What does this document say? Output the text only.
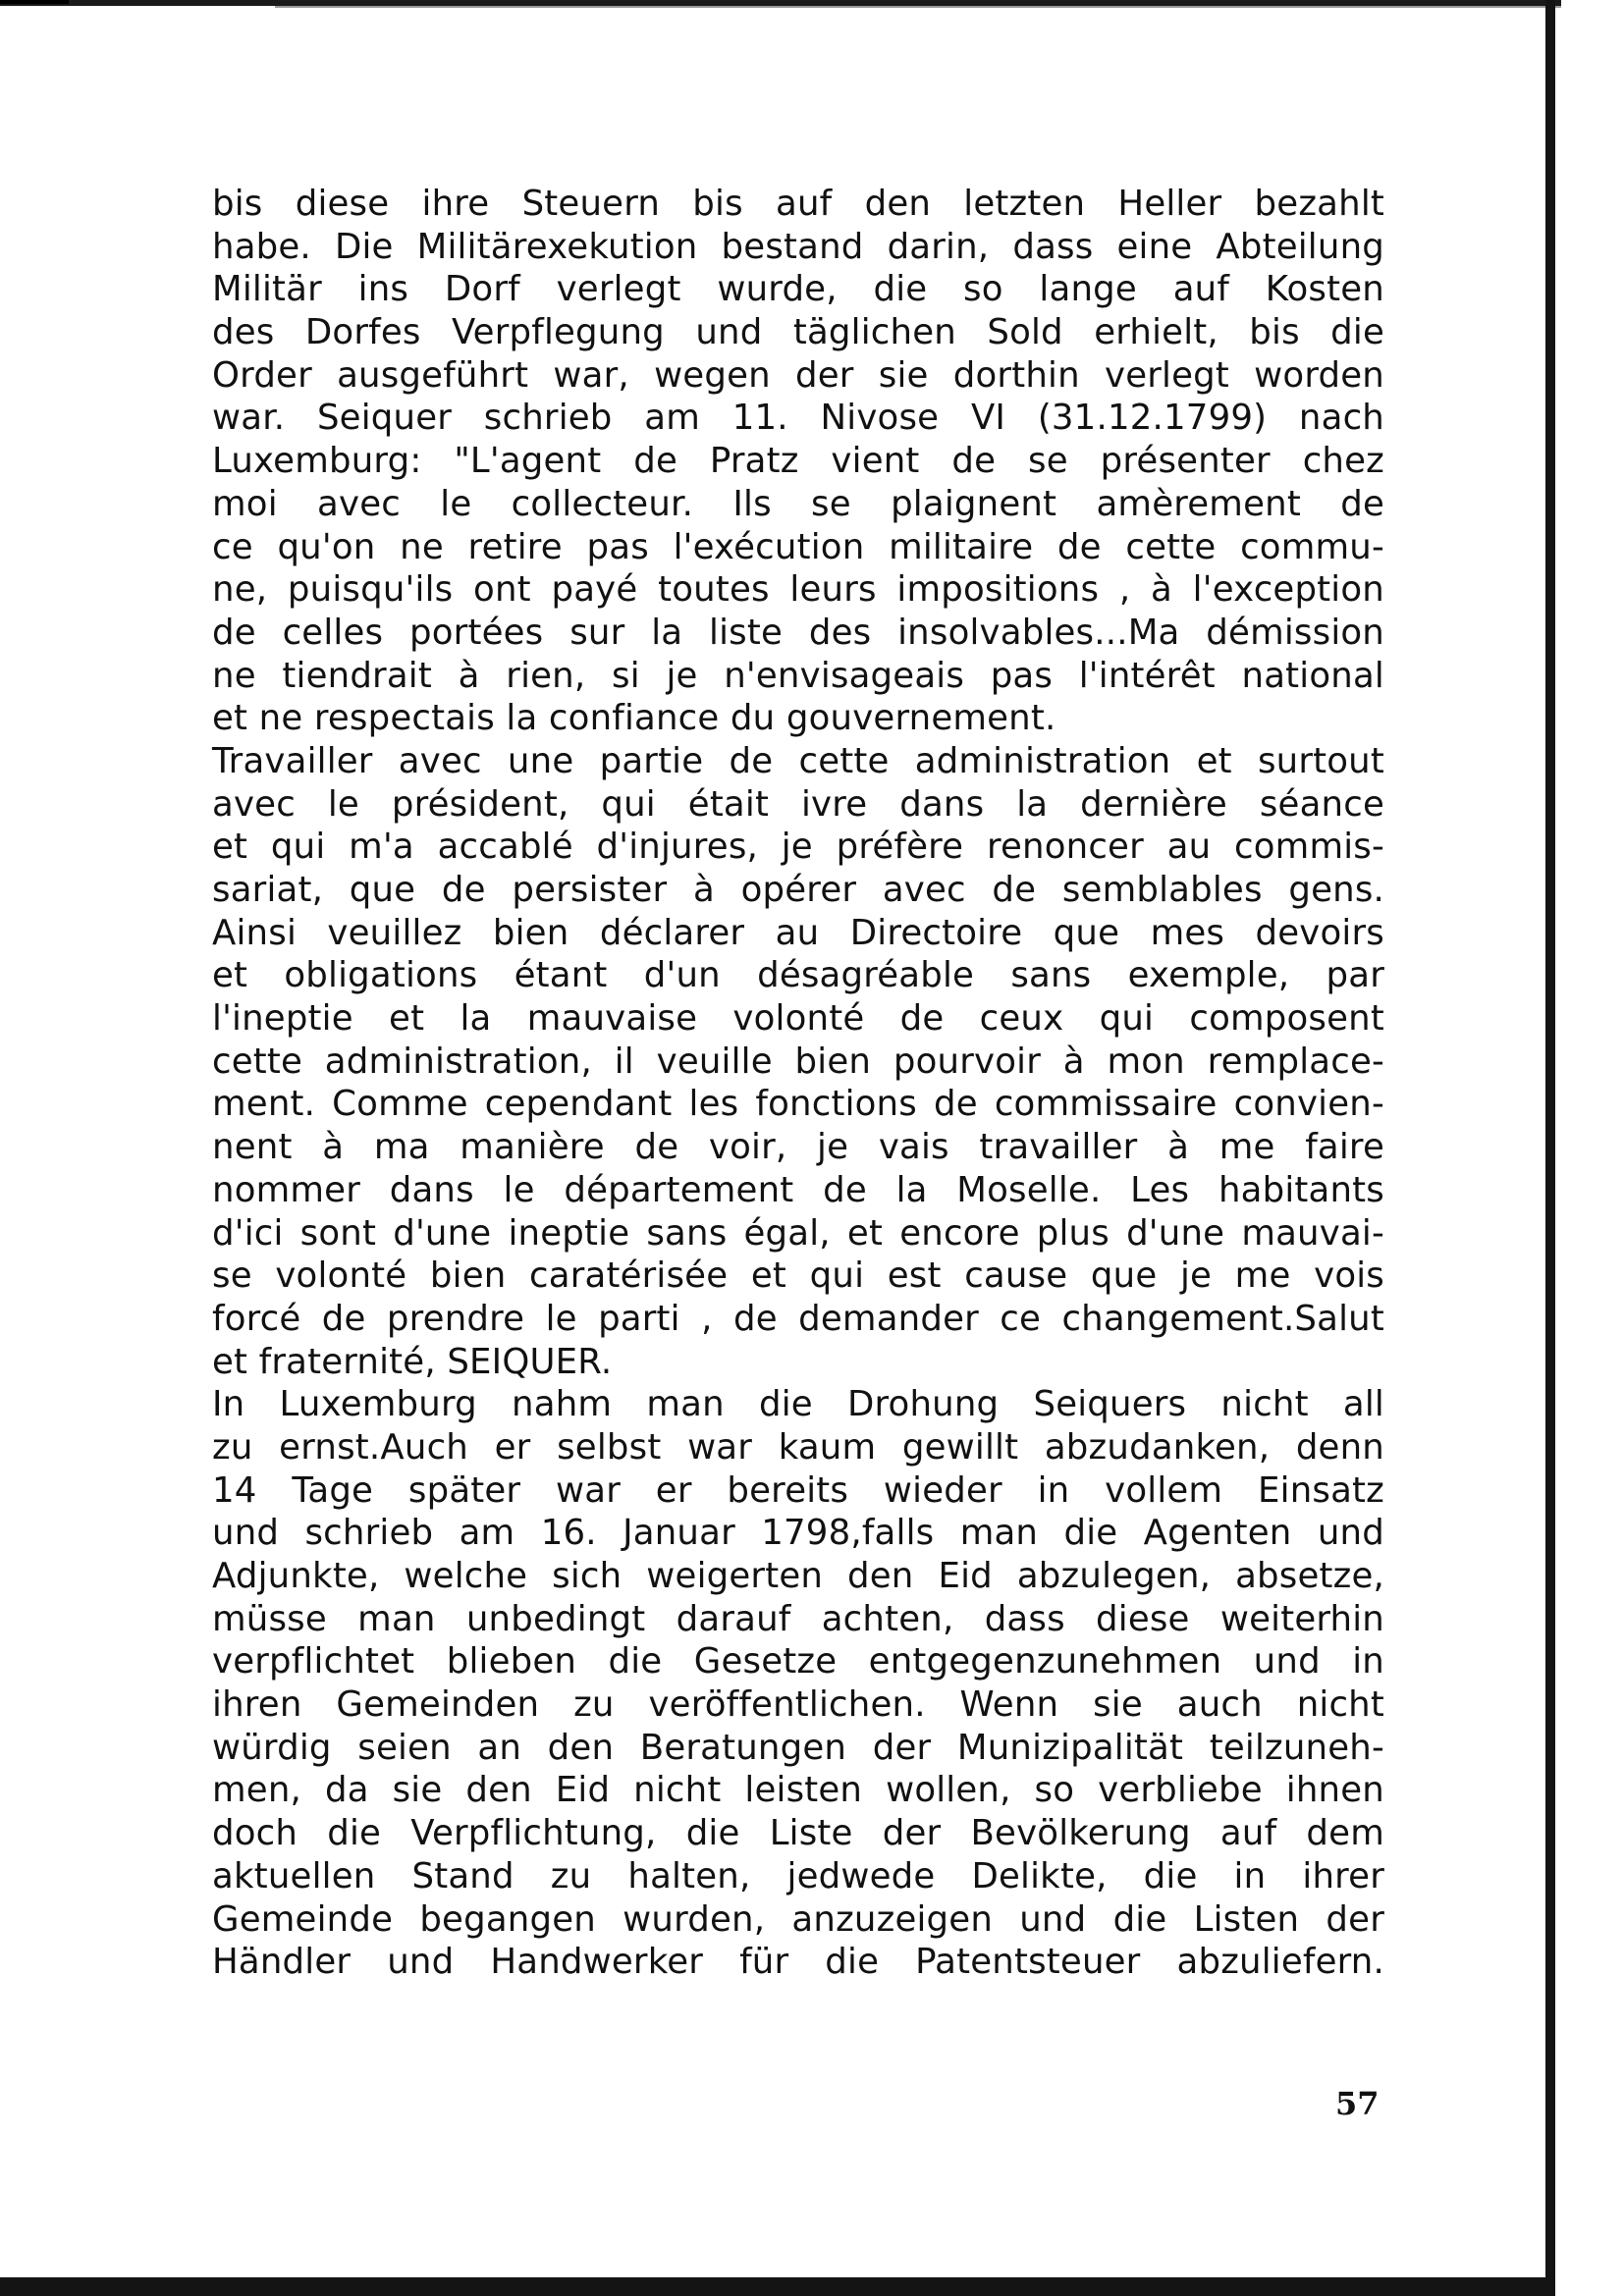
bis diese ihre Steuern bis auf den letzten Heller bezahlt
habe. Die Militärexekution bestand darin, dass eine Abteilung
Militär ins Dorf verlegt wurde, die so lange auf Kosten
des Dorfes Verpflegung und täglichen Sold erhielt, bis die
Order ausgeführt war, wegen der sie dorthin verlegt worden
war. Seiquer schrieb am 11. Nivose VI (31.12.1799) nach
Luxemburg: "L'agent de Pratz vient de se présenter chez
moi avec le collecteur. Ils se plaignent amèrement de
ce qu'on ne retire pas l'exécution militaire de cette commu-
ne, puisqu'ils ont payé toutes leurs impositions , à l'exception
de celles portées sur la liste des insolvables...Ma démission
ne tiendrait à rien, si je n'envisageais pas l'intérêt national
et ne respectais la confiance du gouvernement.
Travailler avec une partie de cette administration et surtout
avec le président, qui était ivre dans la dernière séance
et qui m'a accablé d'injures, je préfère renoncer au commis-
sariat, que de persister à opérer avec de semblables gens.
Ainsi veuillez bien déclarer au Directoire que mes devoirs
et obligations étant d'un désagréable sans exemple, par
l'ineptie et la mauvaise volonté de ceux qui composent
cette administration, il veuille bien pourvoir à mon remplace-
ment. Comme cependant les fonctions de commissaire convien-
nent à ma manière de voir, je vais travailler à me faire
nommer dans le département de la Moselle. Les habitants
d'ici sont d'une ineptie sans égal, et encore plus d'une mauvai-
se volonté bien caratérisée et qui est cause que je me vois
forcé de prendre le parti , de demander ce changement.Salut
et fraternité, SEIQUER.
In Luxemburg nahm man die Drohung Seiquers nicht all
zu ernst.Auch er selbst war kaum gewillt abzudanken, denn
14 Tage später war er bereits wieder in vollem Einsatz
und schrieb am 16. Januar 1798,falls man die Agenten und
Adjunkte, welche sich weigerten den Eid abzulegen, absetze,
müsse man unbedingt darauf achten, dass diese weiterhin
verpflichtet blieben die Gesetze entgegenzunehmen und in
ihren Gemeinden zu veröffentlichen. Wenn sie auch nicht
würdig seien an den Beratungen der Munizipalität teilzuneh-
men, da sie den Eid nicht leisten wollen, so verbliebe ihnen
doch die Verpflichtung, die Liste der Bevölkerung auf dem
aktuellen Stand zu halten, jedwede Delikte, die in ihrer
Gemeinde begangen wurden, anzuzeigen und die Listen der
Händler und Handwerker für die Patentsteuer abzuliefern.
57
